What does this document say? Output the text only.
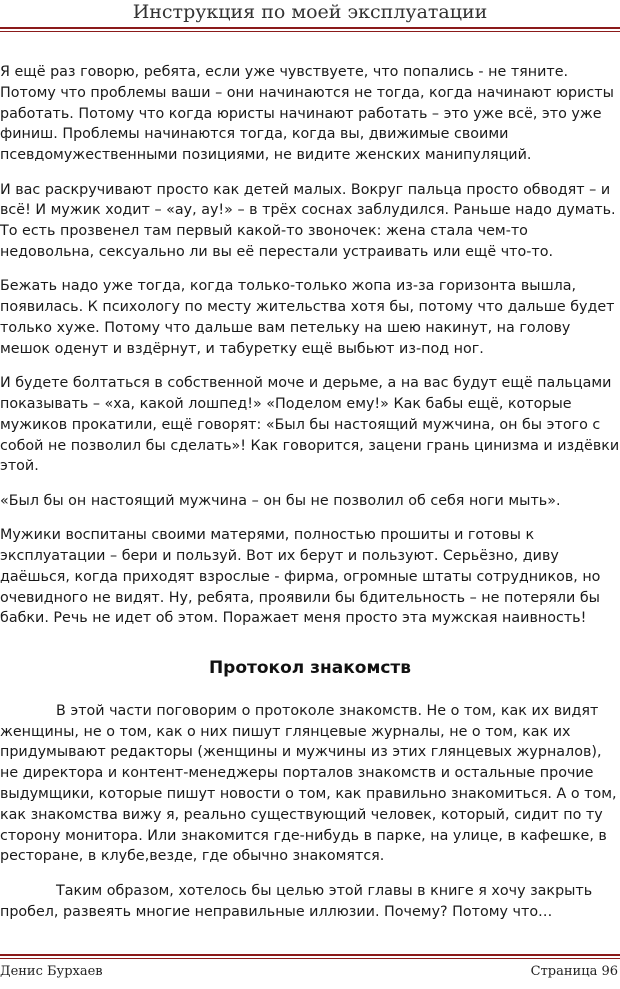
Инструкция по моей эксплуатации

Я ещё раз говорю, ребята, если уже чувствуете, что попались - не тяните. Потому что проблемы ваши – они начинаются не тогда, когда начинают юристы работать. Потому что когда юристы начинают работать – это уже всё, это уже финиш. Проблемы начинаются тогда, когда вы, движимые своими псевдомужественными позициями, не видите женских манипуляций.

И вас раскручивают просто как детей малых. Вокруг пальца просто обводят – и всё! И мужик ходит – «ау, ау!» – в трёх соснах заблудился. Раньше надо думать. То есть прозвенел там первый какой-то звоночек: жена стала чем-то недовольна, сексуально ли вы её перестали устраивать или ещё что-то.

Бежать надо уже тогда, когда только-только жопа из-за горизонта вышла, появилась. К психологу по месту жительства хотя бы, потому что дальше будет только хуже. Потому что дальше вам петельку на шею накинут, на голову мешок оденут и вздёрнут, и табуретку ещё выбьют из-под ног.

И будете болтаться в собственной моче и дерьме, а на вас будут ещё пальцами показывать – «ха, какой лошпед!» «Поделом ему!» Как бабы ещё, которые мужиков прокатили, ещё говорят: «Был бы настоящий мужчина, он бы этого с собой не позволил бы сделать»! Как говорится, зацени грань цинизма и издёвки этой.

«Был бы он настоящий мужчина – он бы не позволил об себя ноги мыть».

Мужики воспитаны своими матерями, полностью прошиты и готовы к эксплуатации – бери и пользуй. Вот их берут и пользуют. Серьёзно, диву даёшься, когда приходят взрослые - фирма, огромные штаты сотрудников, но очевидного не видят. Ну, ребята, проявили бы бдительность – не потеряли бы бабки. Речь не идет об этом. Поражает меня просто эта мужская наивность!

Протокол знакомств

В этой части поговорим о протоколе знакомств. Не о том, как их видят женщины, не о том, как о них пишут глянцевые журналы, не о том, как их придумывают редакторы (женщины и мужчины из этих глянцевых журналов), не директора и контент-менеджеры порталов знакомств и остальные прочие выдумщики, которые пишут новости о том, как правильно знакомиться. А о том, как знакомства вижу я, реально существующий человек, который, сидит по ту сторону монитора. Или знакомится где-нибудь в парке, на улице, в кафешке, в ресторане, в клубе,везде, где обычно знакомятся.

Таким образом, хотелось бы целью этой главы в книге я хочу закрыть пробел, развеять многие неправильные иллюзии. Почему? Потому что…

Денис Бурхаев	Страница 96
